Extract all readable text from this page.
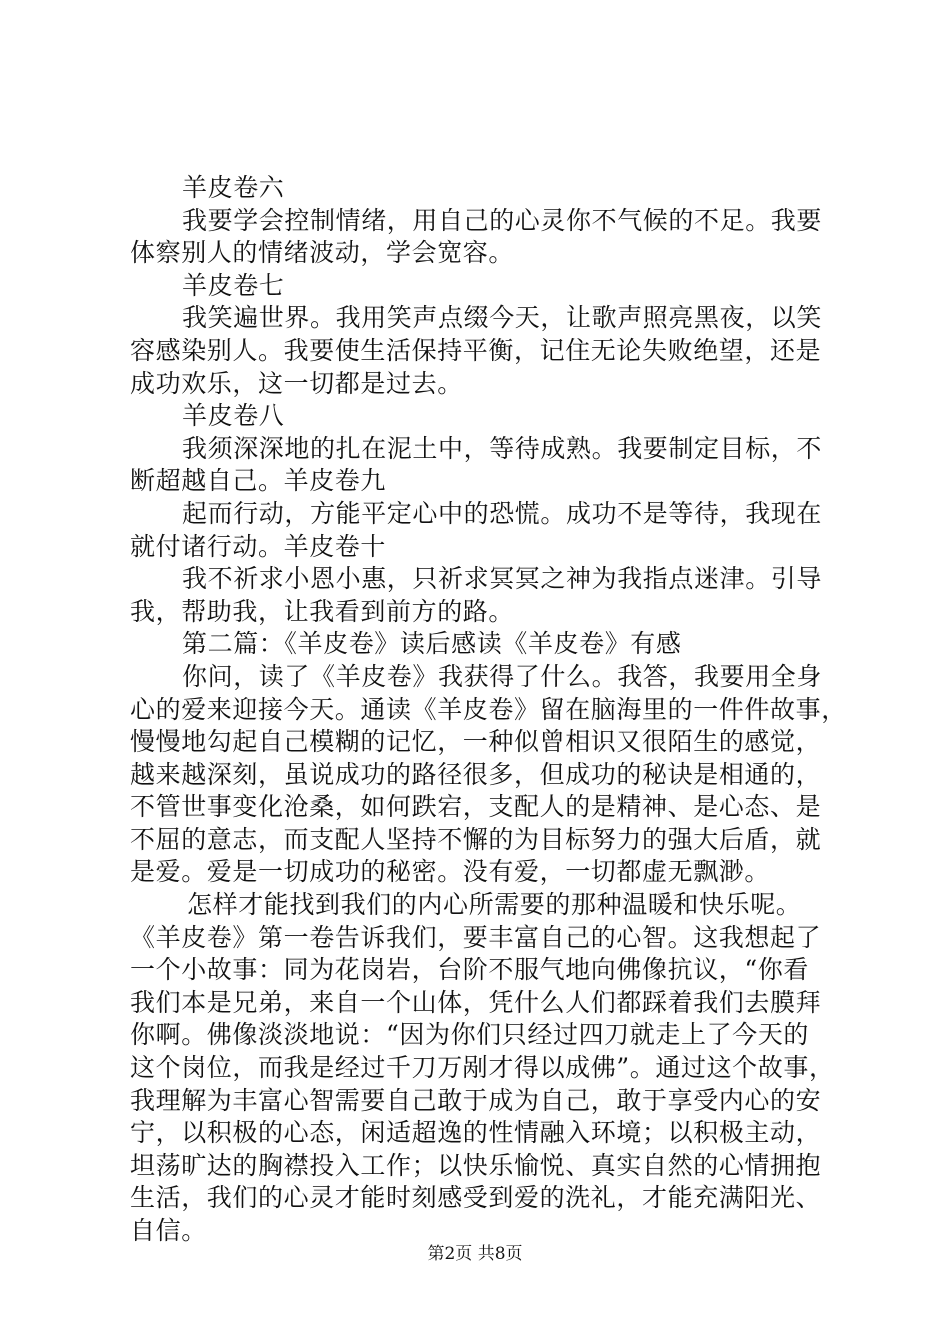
羊皮卷六
我要学会控制情绪，用自己的心灵你不气候的不足。我要
体察别人的情绪波动，学会宽容。
羊皮卷七
我笑遍世界。我用笑声点缀今天，让歌声照亮黑夜，以笑
容感染别人。我要使生活保持平衡，记住无论失败绝望，还是
成功欢乐，这一切都是过去。
羊皮卷八
我须深深地的扎在泥土中，等待成熟。我要制定目标，不
断超越自己。羊皮卷九
起而行动，方能平定心中的恐慌。成功不是等待，我现在
就付诸行动。羊皮卷十
我不祈求小恩小惠，只祈求冥冥之神为我指点迷津。引导
我，帮助我，让我看到前方的路。
第二篇：《羊皮卷》读后感读《羊皮卷》有感
你问，读了《羊皮卷》我获得了什么。我答，我要用全身
心的爱来迎接今天。通读《羊皮卷》留在脑海里的一件件故事，
慢慢地勾起自己模糊的记忆，一种似曾相识又很陌生的感觉，
越来越深刻，虽说成功的路径很多，但成功的秘诀是相通的，
不管世事变化沧桑，如何跌宕，支配人的是精神、是心态、是
不屈的意志，而支配人坚持不懈的为目标努力的强大后盾，就
是爱。爱是一切成功的秘密。没有爱，一切都虚无飘渺。
怎样才能找到我们的内心所需要的那种温暖和快乐呢。
《羊皮卷》第一卷告诉我们，要丰富自己的心智。这我想起了
一个小故事：同为花岗岩，台阶不服气地向佛像抗议，“你看
我们本是兄弟，来自一个山体，凭什么人们都踩着我们去膜拜
你啊。佛像淡淡地说：“因为你们只经过四刀就走上了今天的
这个岗位，而我是经过千刀万剐才得以成佛”。通过这个故事，
我理解为丰富心智需要自己敢于成为自己，敢于享受内心的安
宁，以积极的心态，闲适超逸的性情融入环境；以积极主动，
坦荡旷达的胸襟投入工作；以快乐愉悦、真实自然的心情拥抱
生活，我们的心灵才能时刻感受到爱的洗礼，才能充满阳光、
自信。
第2页 共8页
